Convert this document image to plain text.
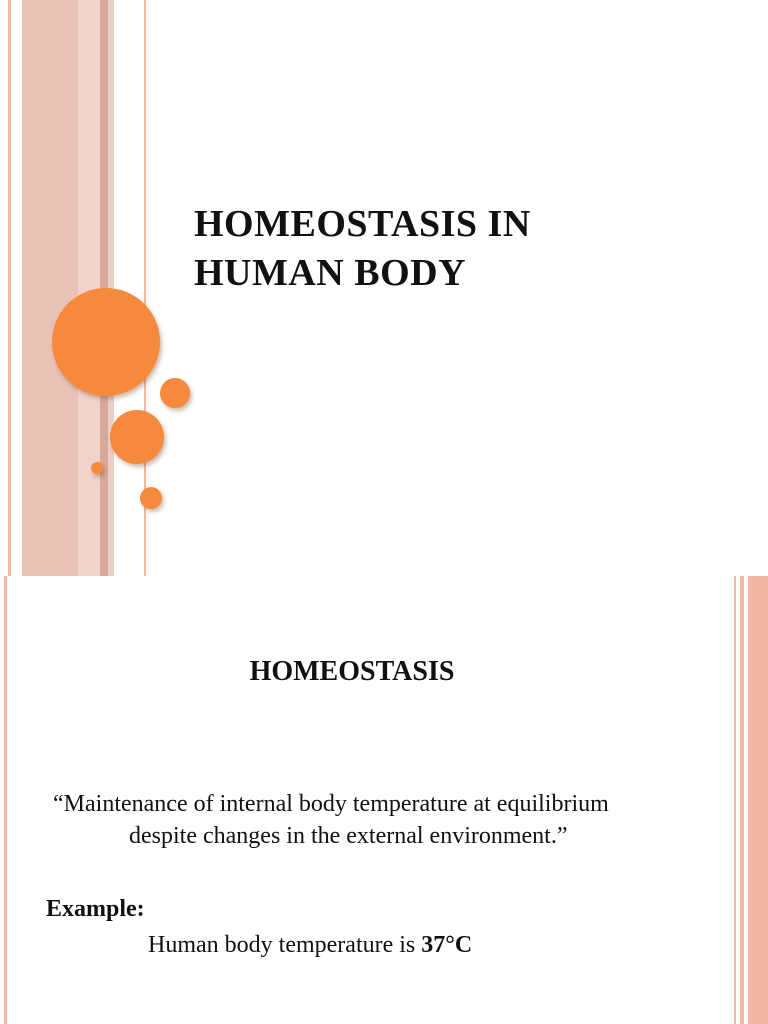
HOMEOSTASIS IN
HUMAN BODY
HOMEOSTASIS
“Maintenance of internal body temperature at equilibrium
despite changes in the external environment.”
Example:
Human body temperature is 37°C
